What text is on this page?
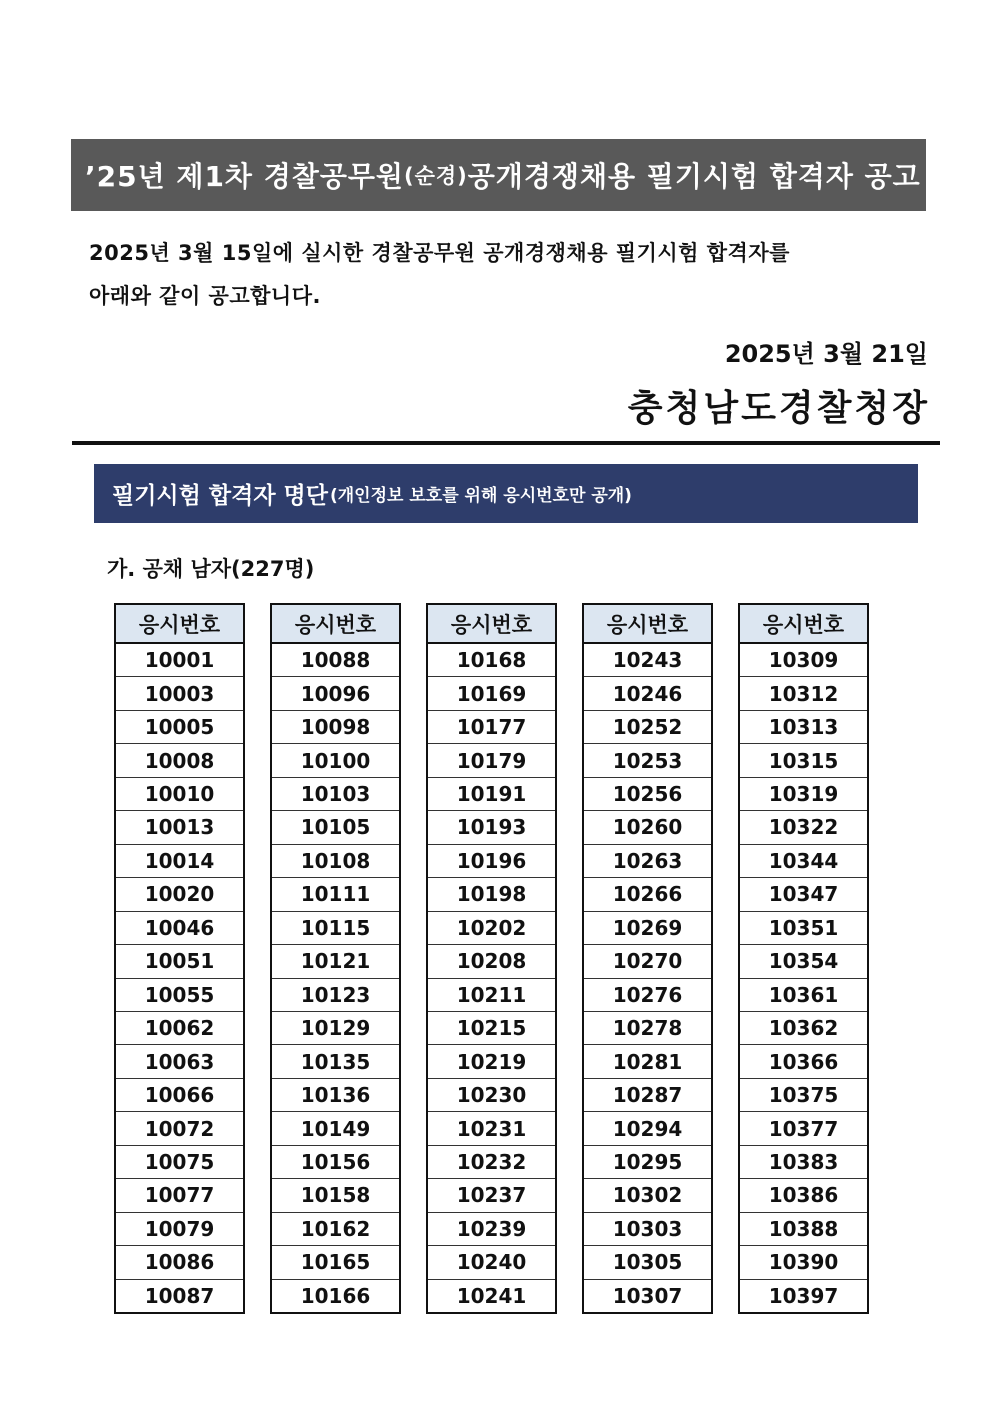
’25년 제1차 경찰공무원 (순경) 공개경쟁채용 필기시험 합격자 공고
2025년 3월 15일에 실시한 경찰공무원 공개경쟁채용 필기시험 합격자를
아래와 같이 공고합니다.
2025년 3월 21일
충청남도경찰청장
필기시험 합격자 명단 (개인정보 보호를 위해 응시번호만 공개)
가. 공채 남자(227명)
응시번호
10001
10003
10005
10008
10010
10013
10014
10020
10046
10051
10055
10062
10063
10066
10072
10075
10077
10079
10086
10087
응시번호
10088
10096
10098
10100
10103
10105
10108
10111
10115
10121
10123
10129
10135
10136
10149
10156
10158
10162
10165
10166
응시번호
10168
10169
10177
10179
10191
10193
10196
10198
10202
10208
10211
10215
10219
10230
10231
10232
10237
10239
10240
10241
응시번호
10243
10246
10252
10253
10256
10260
10263
10266
10269
10270
10276
10278
10281
10287
10294
10295
10302
10303
10305
10307
응시번호
10309
10312
10313
10315
10319
10322
10344
10347
10351
10354
10361
10362
10366
10375
10377
10383
10386
10388
10390
10397
